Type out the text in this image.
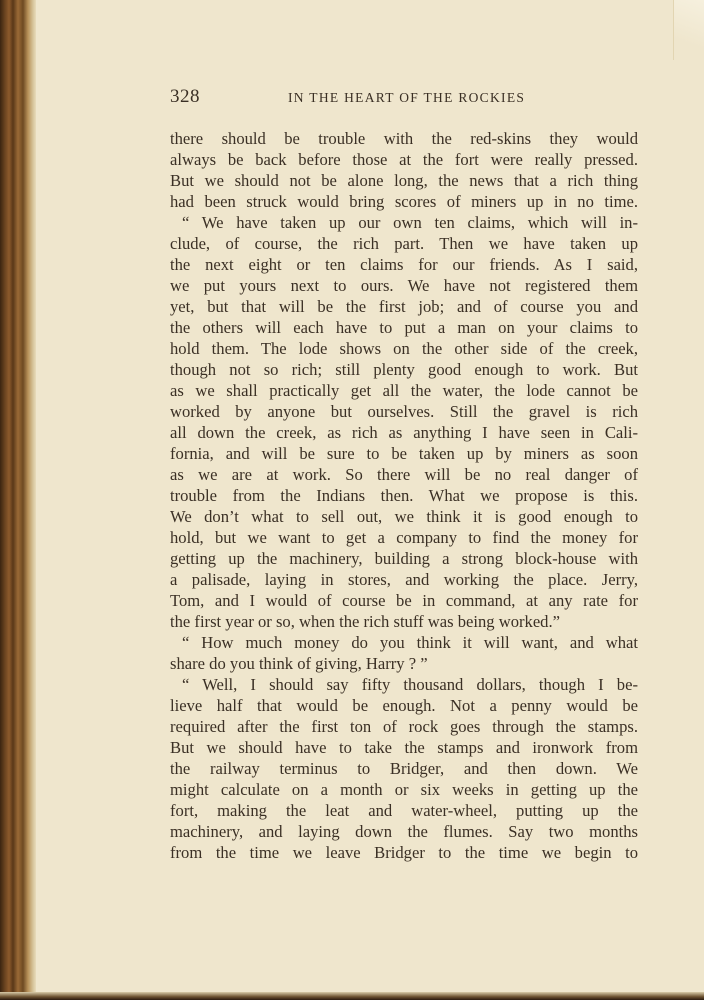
328	IN THE HEART OF THE ROCKIES
there should be trouble with the red-skins they would
always be back before those at the fort were really pressed.
But we should not be alone long, the news that a rich thing
had been struck would bring scores of miners up in no time.
“ We have taken up our own ten claims, which will in-
clude, of course, the rich part. Then we have taken up
the next eight or ten claims for our friends. As I said,
we put yours next to ours. We have not registered them
yet, but that will be the first job; and of course you and
the others will each have to put a man on your claims to
hold them. The lode shows on the other side of the creek,
though not so rich; still plenty good enough to work. But
as we shall practically get all the water, the lode cannot be
worked by anyone but ourselves. Still the gravel is rich
all down the creek, as rich as anything I have seen in Cali-
fornia, and will be sure to be taken up by miners as soon
as we are at work. So there will be no real danger of
trouble from the Indians then. What we propose is this.
We don’t what to sell out, we think it is good enough to
hold, but we want to get a company to find the money for
getting up the machinery, building a strong block-house with
a palisade, laying in stores, and working the place. Jerry,
Tom, and I would of course be in command, at any rate for
the first year or so, when the rich stuff was being worked.”
“ How much money do you think it will want, and what
share do you think of giving, Harry ? ”
“ Well, I should say fifty thousand dollars, though I be-
lieve half that would be enough. Not a penny would be
required after the first ton of rock goes through the stamps.
But we should have to take the stamps and ironwork from
the railway terminus to Bridger, and then down. We
might calculate on a month or six weeks in getting up the
fort, making the leat and water-wheel, putting up the
machinery, and laying down the flumes. Say two months
from the time we leave Bridger to the time we begin to
